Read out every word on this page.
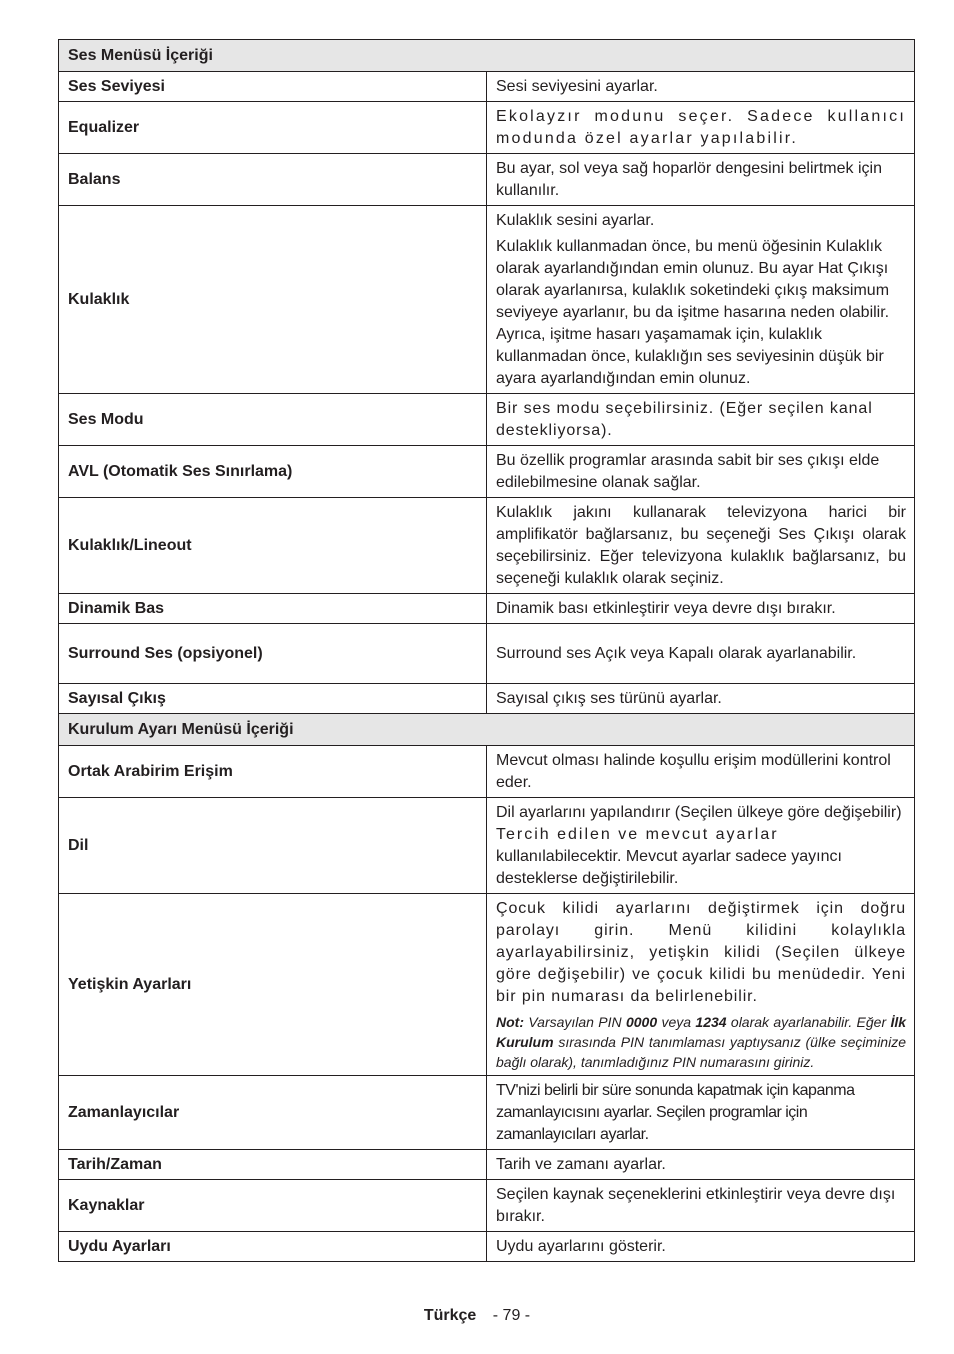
Ses Menüsü İçeriği	
Ses Seviyesi	Sesi seviyesini ayarlar.
Equalizer	Ekolayzır modunu seçer. Sadece kullanıcı modunda özel ayarlar yapılabilir.
Balans	Bu ayar, sol veya sağ hoparlör dengesini belirtmek için kullanılır.
Kulaklık	Kulaklık sesini ayarlar.

Kulaklık kullanmadan önce, bu menü öğesinin Kulaklık olarak ayarlandığından emin olunuz. Bu ayar Hat Çıkışı olarak ayarlanırsa, kulaklık soketindeki çıkış maksimum seviyeye ayarlanır, bu da işitme hasarına neden olabilir. Ayrıca, işitme hasarı yaşamamak için, kulaklık kullanmadan önce, kulaklığın ses seviyesinin düşük bir ayara ayarlandığından emin olunuz.

Ses Modu	Bir ses modu seçebilirsiniz. (Eğer seçilen kanal destekliyorsa).
AVL (Otomatik Ses Sınırlama)	Bu özellik programlar arasında sabit bir ses çıkışı elde edilebilmesine olanak sağlar.
Kulaklık/Lineout	Kulaklık jakını kullanarak televizyona harici bir amplifikatör bağlarsanız, bu seçeneği Ses Çıkışı olarak seçebilirsiniz. Eğer televizyona kulaklık bağlarsanız, bu seçeneği kulaklık olarak seçiniz.
Dinamik Bas	Dinamik bası etkinleştirir veya devre dışı bırakır.
Surround Ses (opsiyonel)	Surround ses Açık veya Kapalı olarak ayarlanabilir.
Sayısal Çıkış	Sayısal çıkış ses türünü ayarlar.
Kurulum Ayarı Menüsü İçeriği	
Ortak Arabirim Erişim	Mevcut olması halinde koşullu erişim modüllerini kontrol eder.
Dil	Dil ayarlarını yapılandırır (Seçilen ülkeye göre değişebilir) Tercih edilen ve mevcut ayarlar kullanılabilecektir. Mevcut ayarlar sadece yayıncı desteklerse değiştirilebilir.
Yetişkin Ayarları	Çocuk kilidi ayarlarını değiştirmek için doğru parolayı girin. Menü kilidini kolaylıkla ayarlayabilirsiniz, yetişkin kilidi (Seçilen ülkeye göre değişebilir) ve çocuk kilidi bu menüdedir. Yeni bir pin numarası da belirlenebilir.

Not: Varsayılan PIN 0000 veya 1234 olarak ayarlanabilir. Eğer İlk Kurulum sırasında PIN tanımlaması yaptıysanız (ülke seçiminize bağlı olarak), tanımladığınız PIN numarasını giriniz.

Zamanlayıcılar	TV'nizi belirli bir süre sonunda kapatmak için kapanma zamanlayıcısını ayarlar. Seçilen programlar için zamanlayıcıları ayarlar.
Tarih/Zaman	Tarih ve zamanı ayarlar.
Kaynaklar	Seçilen kaynak seçeneklerini etkinleştirir veya devre dışı bırakır.
Uydu Ayarları	Uydu ayarlarını gösterir.
Türkçe - 79 -
